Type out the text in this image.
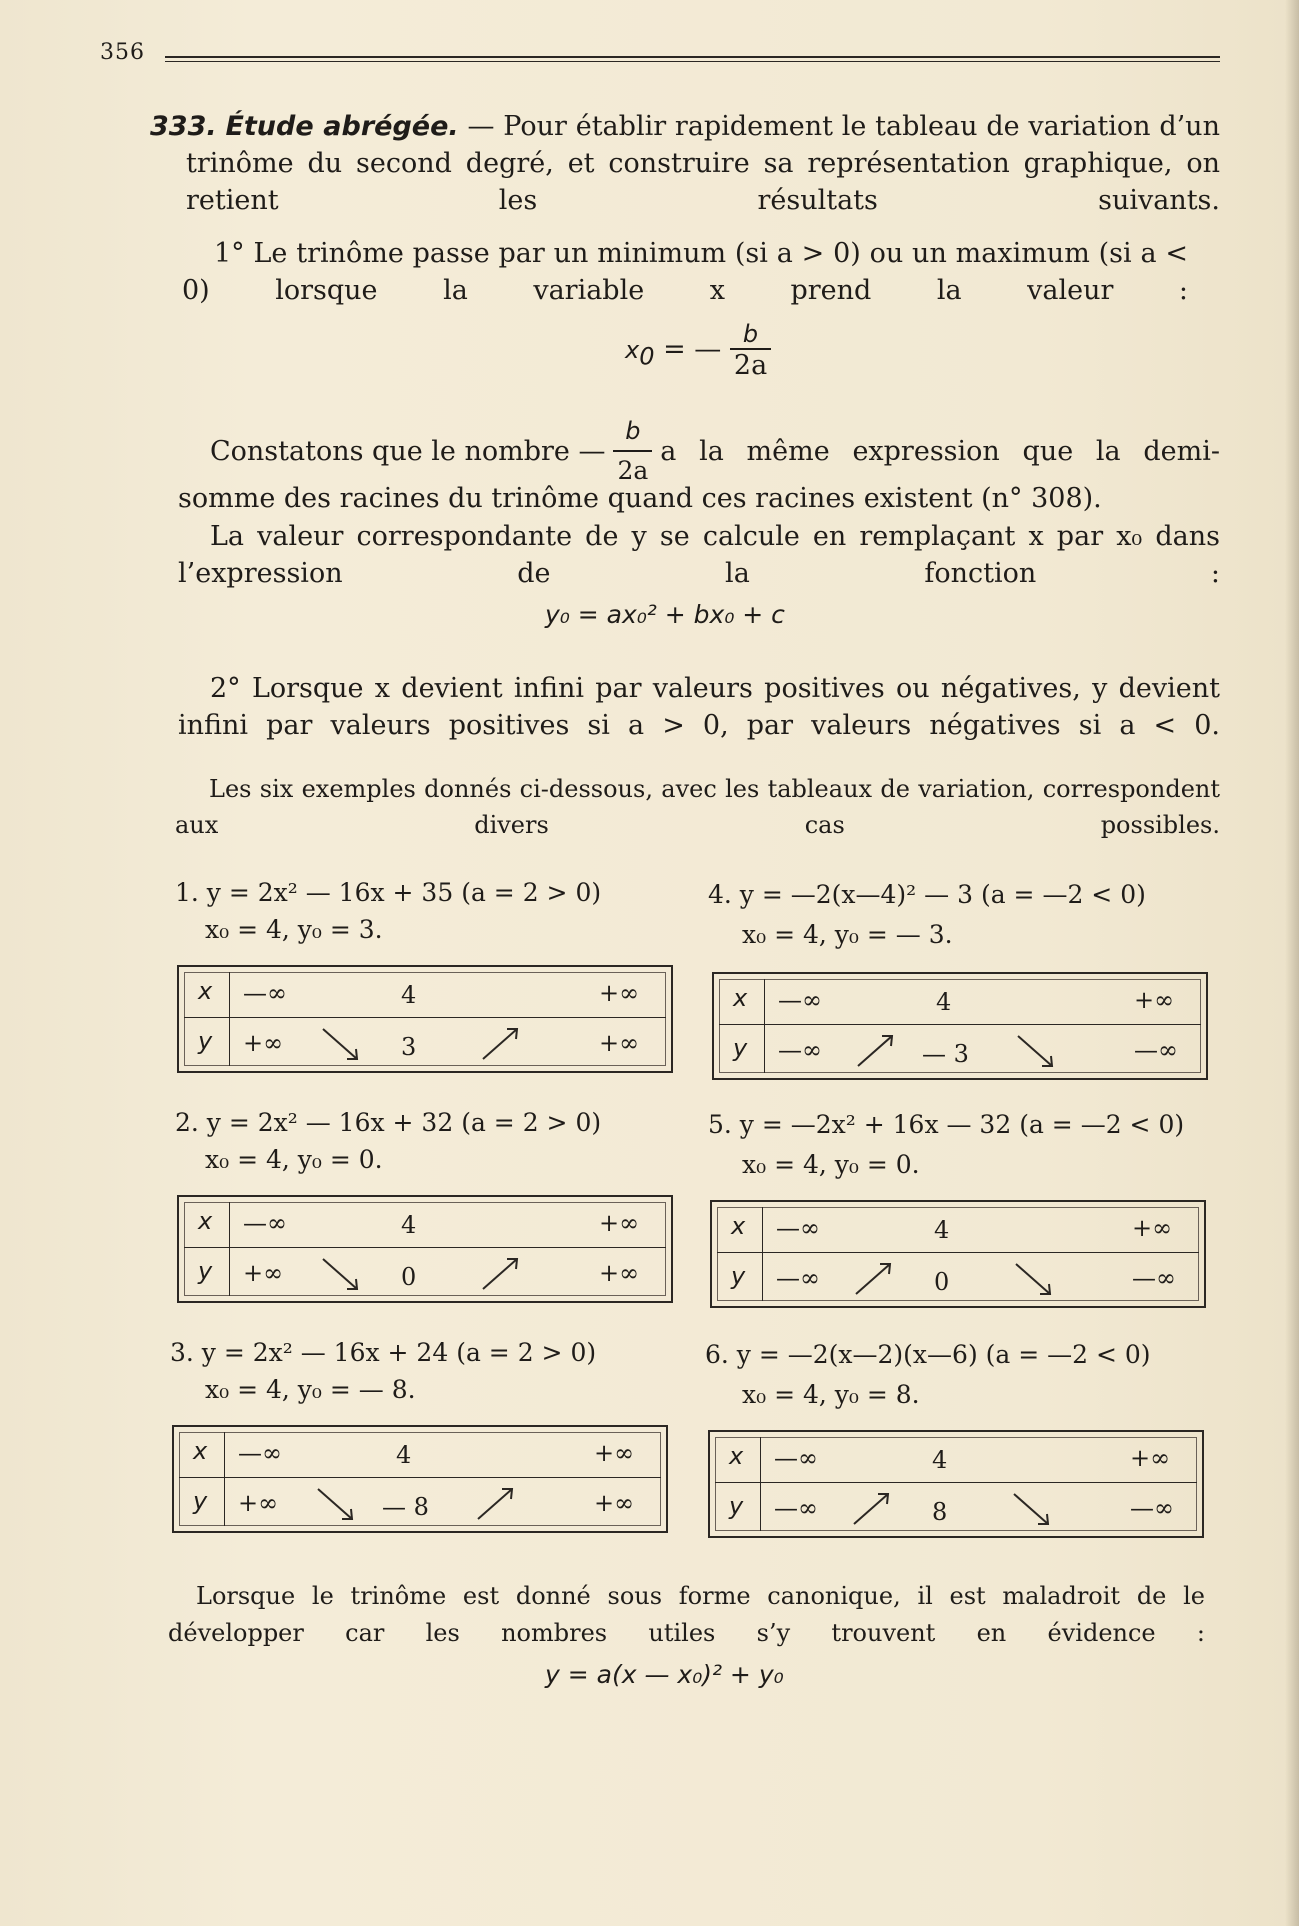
356
333. Étude abrégée. — Pour établir rapidement le tableau de variation d’un trinôme du second degré, et construire sa représentation graphique, on retient les résultats suivants.
1° Le trinôme passe par un minimum (si a > 0) ou un maximum (si a < 0) lorsque la variable x prend la valeur :
$x_0$ = — $\frac{b}{2a}$
Constatons que le nombre — $\frac{b}{2a}$ a la même expression que la demi-
somme des racines du trinôme quand ces racines existent (n° 308).
La valeur correspondante de y se calcule en remplaçant x par x₀ dans l’expression de la fonction :
y₀ = ax₀² + bx₀ + c
2° Lorsque x devient infini par valeurs positives ou négatives, y devient infini par valeurs positives si a > 0, par valeurs négatives si a < 0.
Les six exemples donnés ci-dessous, avec les tableaux de variation, correspondent aux divers cas possibles.
1. y = 2x² — 16x + 35 (a = 2 > 0)
x₀ = 4, y₀ = 3.
4. y = —2(x—4)² — 3 (a = —2 < 0)
x₀ = 4, y₀ = — 3.
2. y = 2x² — 16x + 32 (a = 2 > 0)
x₀ = 4, y₀ = 0.
5. y = —2x² + 16x — 32 (a = —2 < 0)
x₀ = 4, y₀ = 0.
3. y = 2x² — 16x + 24 (a = 2 > 0)
x₀ = 4, y₀ = — 8.
6. y = —2(x—2)(x—6) (a = —2 < 0)
x₀ = 4, y₀ = 8.
x —∞	4	+∞
y +∞	3	+∞
x —∞	4	+∞
y —∞	— 3	—∞
x —∞	4	+∞
y +∞	0	+∞
x —∞	4	+∞
y —∞	0	—∞
x —∞	4	+∞
y +∞	— 8	+∞
x —∞	4	+∞
y —∞	8	—∞
Lorsque le trinôme est donné sous forme canonique, il est maladroit de le développer car les nombres utiles s’y trouvent en évidence :
y = a(x — x₀)² + y₀
